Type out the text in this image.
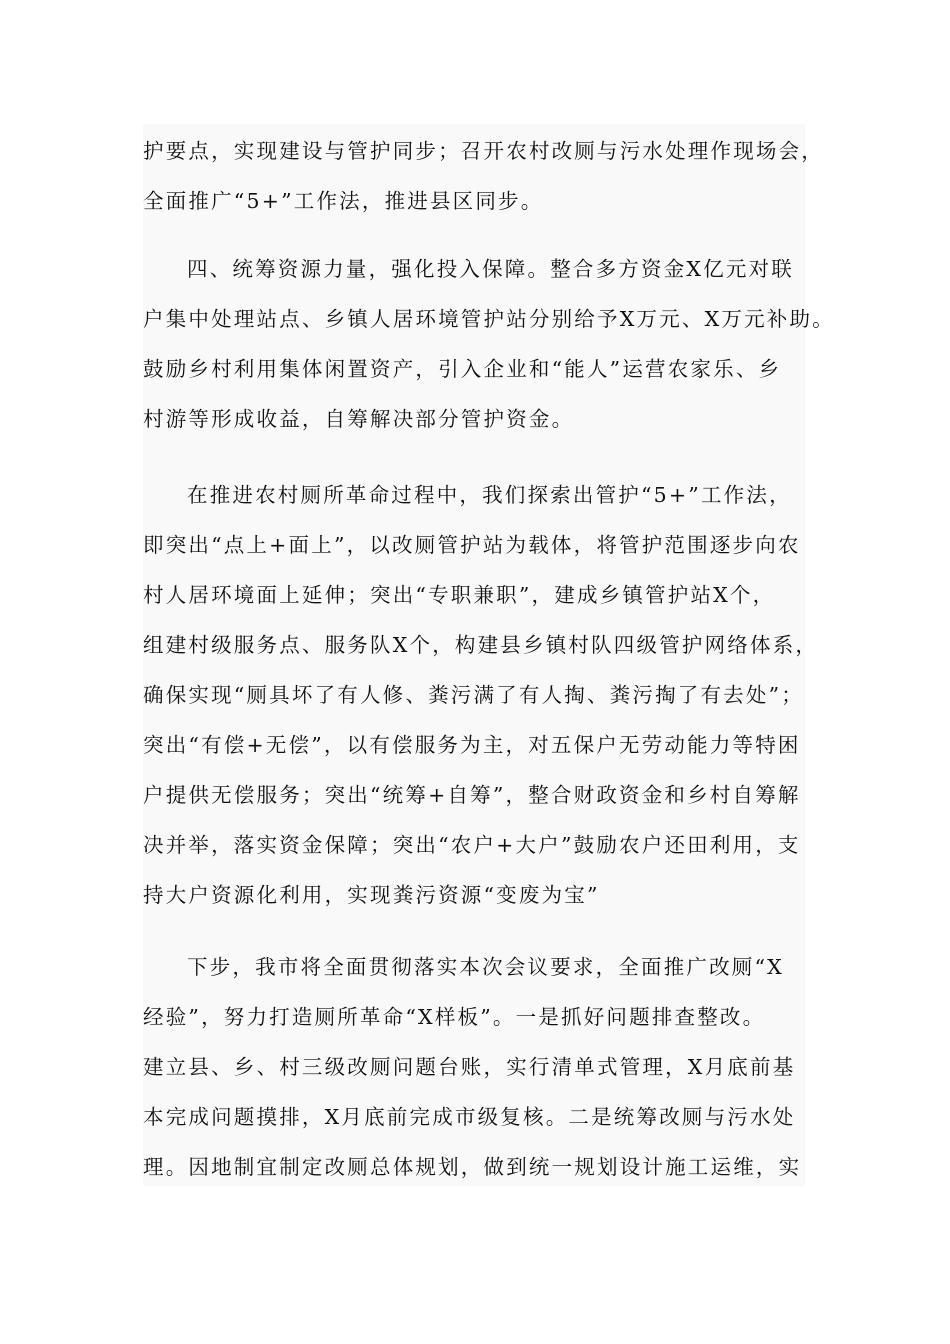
护要点，实现建设与管护同步；召开农村改厕与污水处理作现场会，
全面推广“5+”工作法，推进县区同步。
四、统筹资源力量，强化投入保障。整合多方资金X亿元对联
户集中处理站点、乡镇人居环境管护站分别给予X万元、X万元补助。
鼓励乡村利用集体闲置资产，引入企业和“能人”运营农家乐、乡
村游等形成收益，自筹解决部分管护资金。
在推进农村厕所革命过程中，我们探索出管护“5+”工作法，
即突出“点上+面上”，以改厕管护站为载体，将管护范围逐步向农
村人居环境面上延伸；突出“专职兼职”，建成乡镇管护站X个，
组建村级服务点、服务队X个，构建县乡镇村队四级管护网络体系，
确保实现“厕具坏了有人修、粪污满了有人掏、粪污掏了有去处”；
突出“有偿+无偿”，以有偿服务为主，对五保户无劳动能力等特困
户提供无偿服务；突出“统筹+自筹”，整合财政资金和乡村自筹解
决并举，落实资金保障；突出“农户+大户”鼓励农户还田利用，支
持大户资源化利用，实现粪污资源“变废为宝”
下步，我市将全面贯彻落实本次会议要求，全面推广改厕“X
经验”，努力打造厕所革命“X样板”。一是抓好问题排查整改。
建立县、乡、村三级改厕问题台账，实行清单式管理，X月底前基
本完成问题摸排，X月底前完成市级复核。二是统筹改厕与污水处
理。因地制宜制定改厕总体规划，做到统一规划设计施工运维，实
